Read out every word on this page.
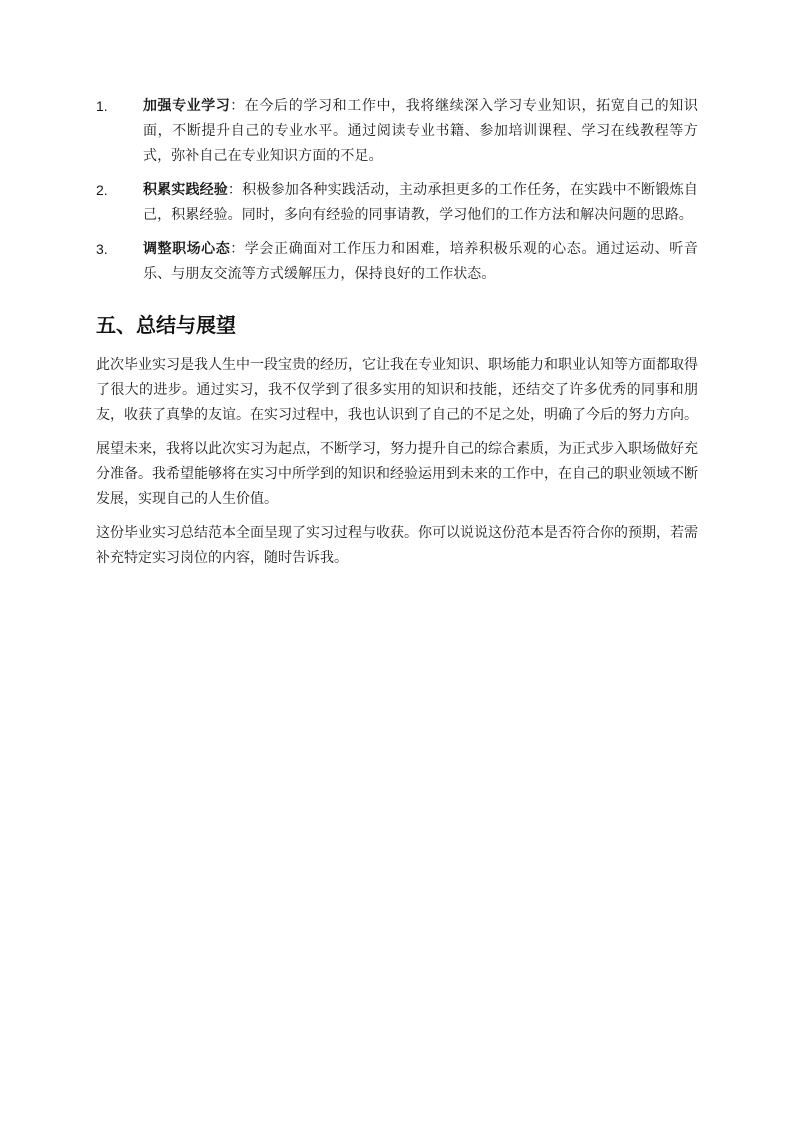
1.	加强专业学习：在今后的学习和工作中，我将继续深入学习专业知识，拓宽自己的知识面，不断提升自己的专业水平。通过阅读专业书籍、参加培训课程、学习在线教程等方式，弥补自己在专业知识方面的不足。
2.	积累实践经验：积极参加各种实践活动，主动承担更多的工作任务，在实践中不断锻炼自己，积累经验。同时，多向有经验的同事请教，学习他们的工作方法和解决问题的思路。
3.	调整职场心态：学会正确面对工作压力和困难，培养积极乐观的心态。通过运动、听音乐、与朋友交流等方式缓解压力，保持良好的工作状态。
五、总结与展望

此次毕业实习是我人生中一段宝贵的经历，它让我在专业知识、职场能力和职业认知等方面都取得了很大的进步。通过实习，我不仅学到了很多实用的知识和技能，还结交了许多优秀的同事和朋友，收获了真挚的友谊。在实习过程中，我也认识到了自己的不足之处，明确了今后的努力方向。

展望未来，我将以此次实习为起点，不断学习，努力提升自己的综合素质，为正式步入职场做好充分准备。我希望能够将在实习中所学到的知识和经验运用到未来的工作中，在自己的职业领域不断发展，实现自己的人生价值。

这份毕业实习总结范本全面呈现了实习过程与收获。你可以说说这份范本是否符合你的预期，若需补充特定实习岗位的内容，随时告诉我。
